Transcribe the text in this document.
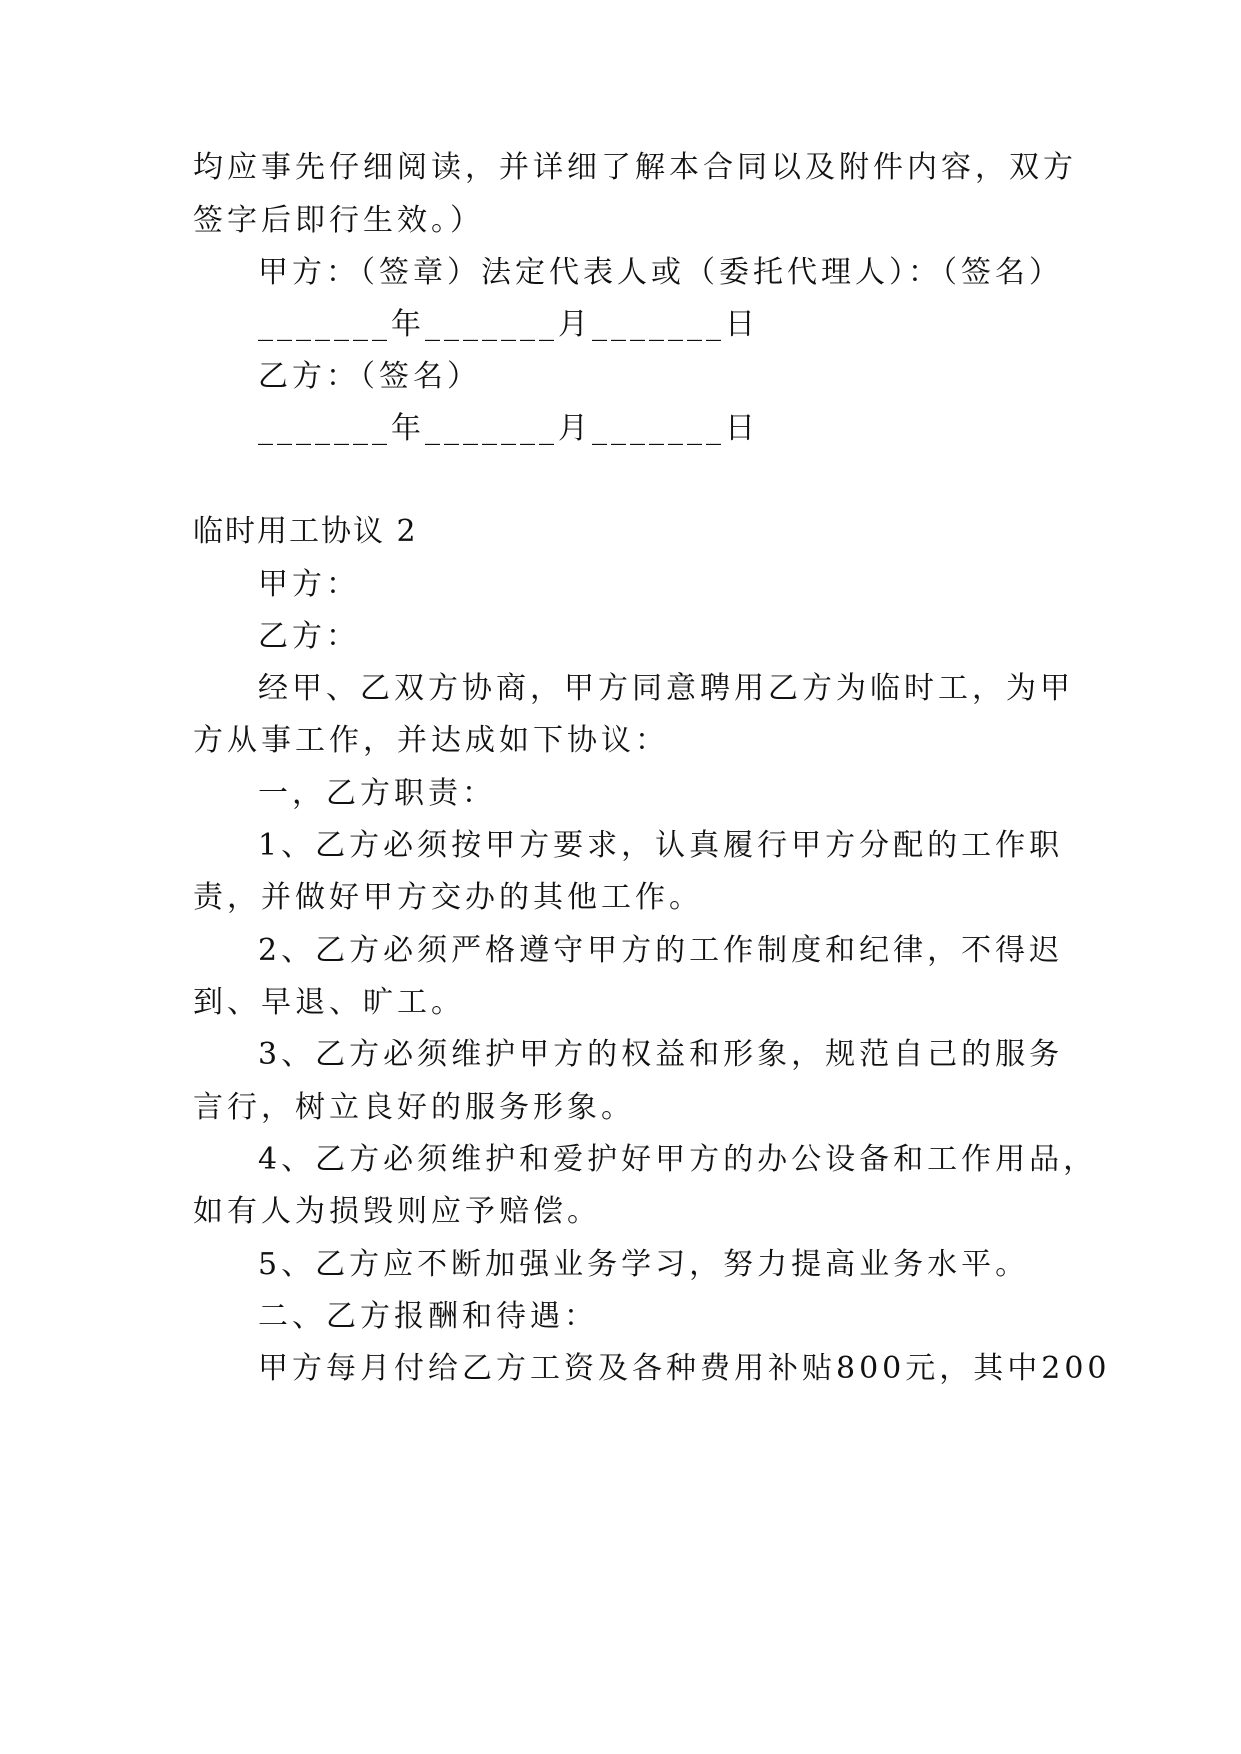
均应事先仔细阅读，并详细了解本合同以及附件内容，双方
签字后即行生效。）
甲方：（签章）法定代表人或（委托代理人）：（签名）
_______年_______月_______日
乙方：（签名）
_______年_______月_______日
临时用工协议 2
甲方：
乙方：
经甲、乙双方协商，甲方同意聘用乙方为临时工，为甲
方从事工作，并达成如下协议：
一，乙方职责：
1、乙方必须按甲方要求，认真履行甲方分配的工作职
责，并做好甲方交办的其他工作。
2、乙方必须严格遵守甲方的工作制度和纪律，不得迟
到、早退、旷工。
3、乙方必须维护甲方的权益和形象，规范自己的服务
言行，树立良好的服务形象。
4、乙方必须维护和爱护好甲方的办公设备和工作用品，
如有人为损毁则应予赔偿。
5、乙方应不断加强业务学习，努力提高业务水平。
二、乙方报酬和待遇：
甲方每月付给乙方工资及各种费用补贴800元，其中200
